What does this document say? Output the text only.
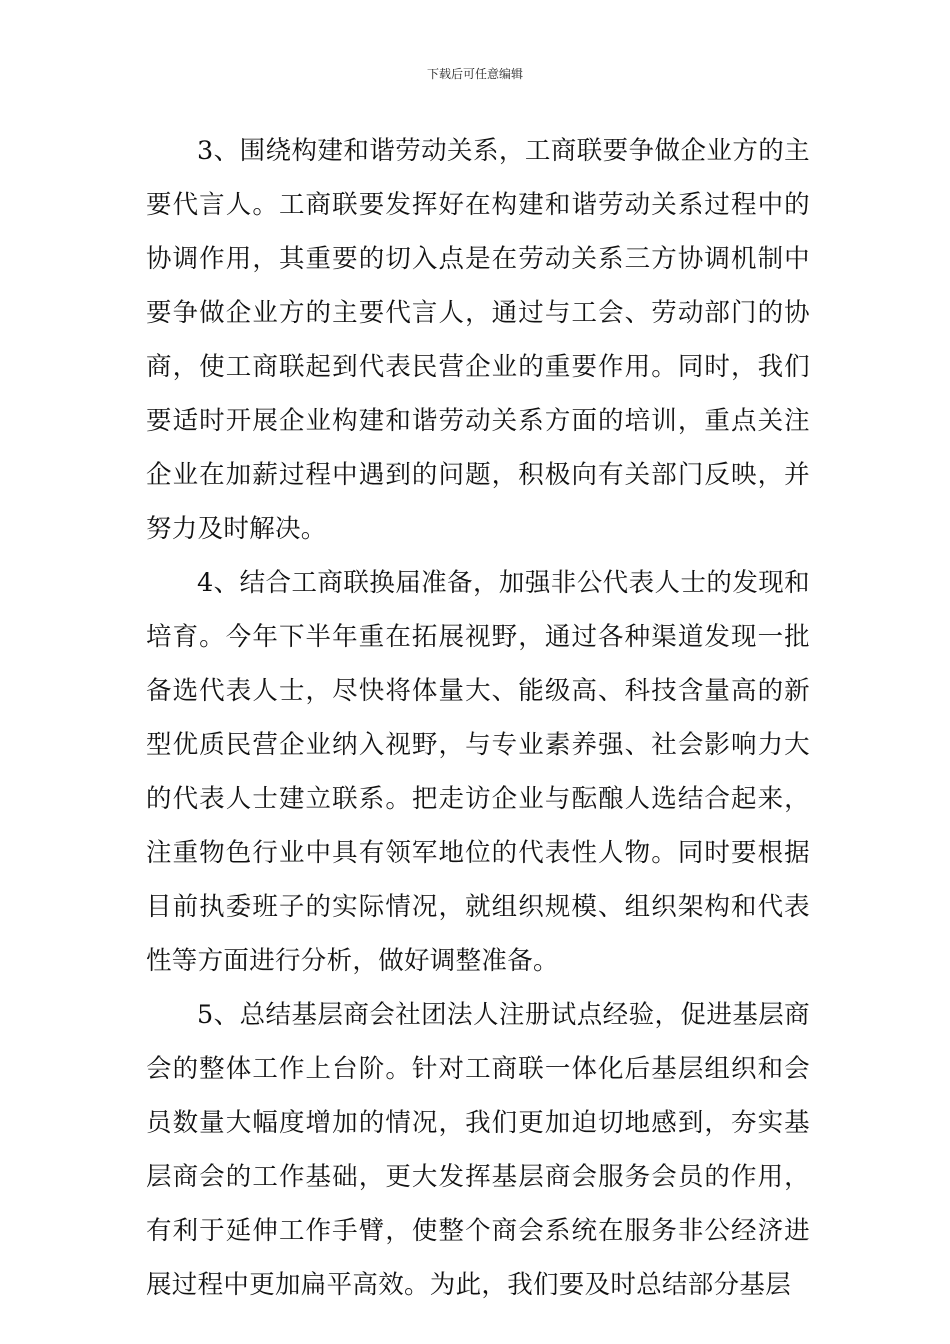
下载后可任意编辑

3、围绕构建和谐劳动关系，工商联要争做企业方的主要代言人。工商联要发挥好在构建和谐劳动关系过程中的协调作用，其重要的切入点是在劳动关系三方协调机制中要争做企业方的主要代言人，通过与工会、劳动部门的协商，使工商联起到代表民营企业的重要作用。同时，我们要适时开展企业构建和谐劳动关系方面的培训，重点关注企业在加薪过程中遇到的问题，积极向有关部门反映，并努力及时解决。

4、结合工商联换届准备，加强非公代表人士的发现和培育。今年下半年重在拓展视野，通过各种渠道发现一批备选代表人士，尽快将体量大、能级高、科技含量高的新型优质民营企业纳入视野，与专业素养强、社会影响力大的代表人士建立联系。把走访企业与酝酿人选结合起来，注重物色行业中具有领军地位的代表性人物。同时要根据目前执委班子的实际情况，就组织规模、组织架构和代表性等方面进行分析，做好调整准备。

5、总结基层商会社团法人注册试点经验，促进基层商会的整体工作上台阶。针对工商联一体化后基层组织和会员数量大幅度增加的情况，我们更加迫切地感到，夯实基层商会的工作基础，更大发挥基层商会服务会员的作用，有利于延伸工作手臂，使整个商会系统在服务非公经济进展过程中更加扁平高效。为此，我们要及时总结部分基层
